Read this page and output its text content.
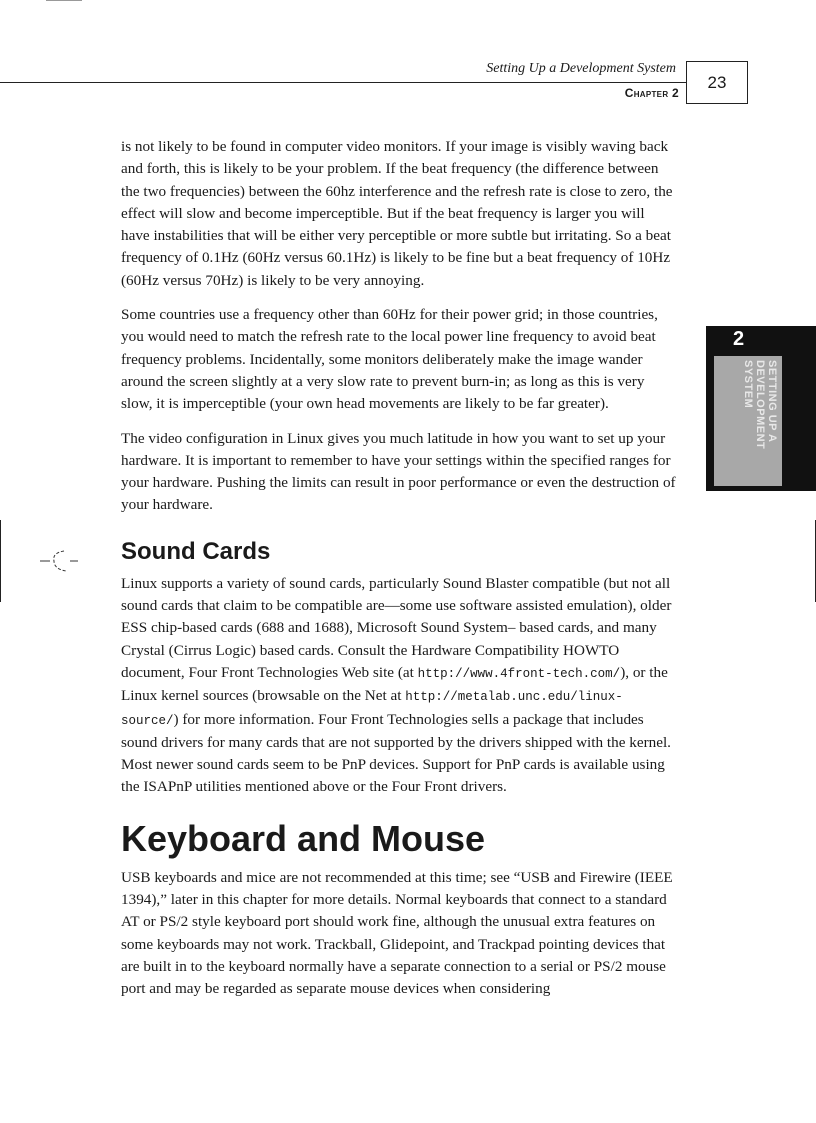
Setting Up a Development System
Chapter 2
23
2
SETTING UP A
DEVELOPMENT
SYSTEM

is not likely to be found in computer video monitors. If your image is visibly waving back and forth, this is likely to be your problem. If the beat frequency (the difference between the two frequencies) between the 60hz interference and the refresh rate is close to zero, the effect will slow and become imperceptible. But if the beat frequency is larger you will have instabilities that will be either very perceptible or more subtle but irritating. So a beat frequency of 0.1Hz (60Hz versus 60.1Hz) is likely to be fine but a beat frequency of 10Hz (60Hz versus 70Hz) is likely to be very annoying.

Some countries use a frequency other than 60Hz for their power grid; in those countries, you would need to match the refresh rate to the local power line frequency to avoid beat frequency problems. Incidentally, some monitors deliberately make the image wander around the screen slightly at a very slow rate to prevent burn-in; as long as this is very slow, it is imperceptible (your own head movements are likely to be far greater).

The video configuration in Linux gives you much latitude in how you want to set up your hardware. It is important to remember to have your settings within the specified ranges for your hardware. Pushing the limits can result in poor performance or even the destruction of your hardware.

Sound Cards

Linux supports a variety of sound cards, particularly Sound Blaster compatible (but not all sound cards that claim to be compatible are—some use software assisted emulation), older ESS chip-based cards (688 and 1688), Microsoft Sound System– based cards, and many Crystal (Cirrus Logic) based cards. Consult the Hardware Compatibility HOWTO document, Four Front Technologies Web site (at http://www.4front-tech.com/), or the Linux kernel sources (browsable on the Net at http://metalab.unc.edu/linux-source/) for more information. Four Front Technologies sells a package that includes sound drivers for many cards that are not supported by the drivers shipped with the kernel. Most newer sound cards seem to be PnP devices. Support for PnP cards is available using the ISAPnP utilities mentioned above or the Four Front drivers.

Keyboard and Mouse

USB keyboards and mice are not recommended at this time; see “USB and Firewire (IEEE 1394),” later in this chapter for more details. Normal keyboards that connect to a standard AT or PS/2 style keyboard port should work fine, although the unusual extra features on some keyboards may not work. Trackball, Glidepoint, and Trackpad pointing devices that are built in to the keyboard normally have a separate connection to a serial or PS/2 mouse port and may be regarded as separate mouse devices when considering
